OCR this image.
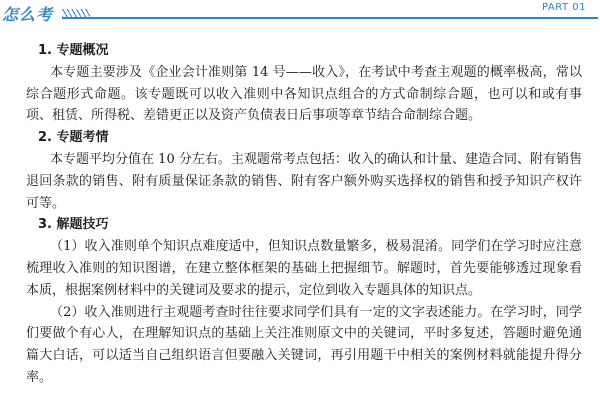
怎么考	PART 01

1. 专题概况

本专题主要涉及《企业会计准则第 14 号——收入》，在考试中考查主观题的概率极高，常以综合题形式命题。该专题既可以收入准则中各知识点组合的方式命制综合题，也可以和或有事项、租赁、所得税、差错更正以及资产负债表日后事项等章节结合命制综合题。

2. 专题考情

本专题平均分值在 10 分左右。主观题常考点包括：收入的确认和计量、建造合同、附有销售退回条款的销售、附有质量保证条款的销售、附有客户额外购买选择权的销售和授予知识产权许可等。

3. 解题技巧

（1）收入准则单个知识点难度适中，但知识点数量繁多，极易混淆。同学们在学习时应注意梳理收入准则的知识图谱，在建立整体框架的基础上把握细节。解题时，首先要能够透过现象看本质，根据案例材料中的关键词及要求的提示，定位到收入专题具体的知识点。

（2）收入准则进行主观题考查时往往要求同学们具有一定的文字表述能力。在学习时，同学们要做个有心人，在理解知识点的基础上关注准则原文中的关键词，平时多复述，答题时避免通篇大白话，可以适当自己组织语言但要融入关键词，再引用题干中相关的案例材料就能提升得分率。
